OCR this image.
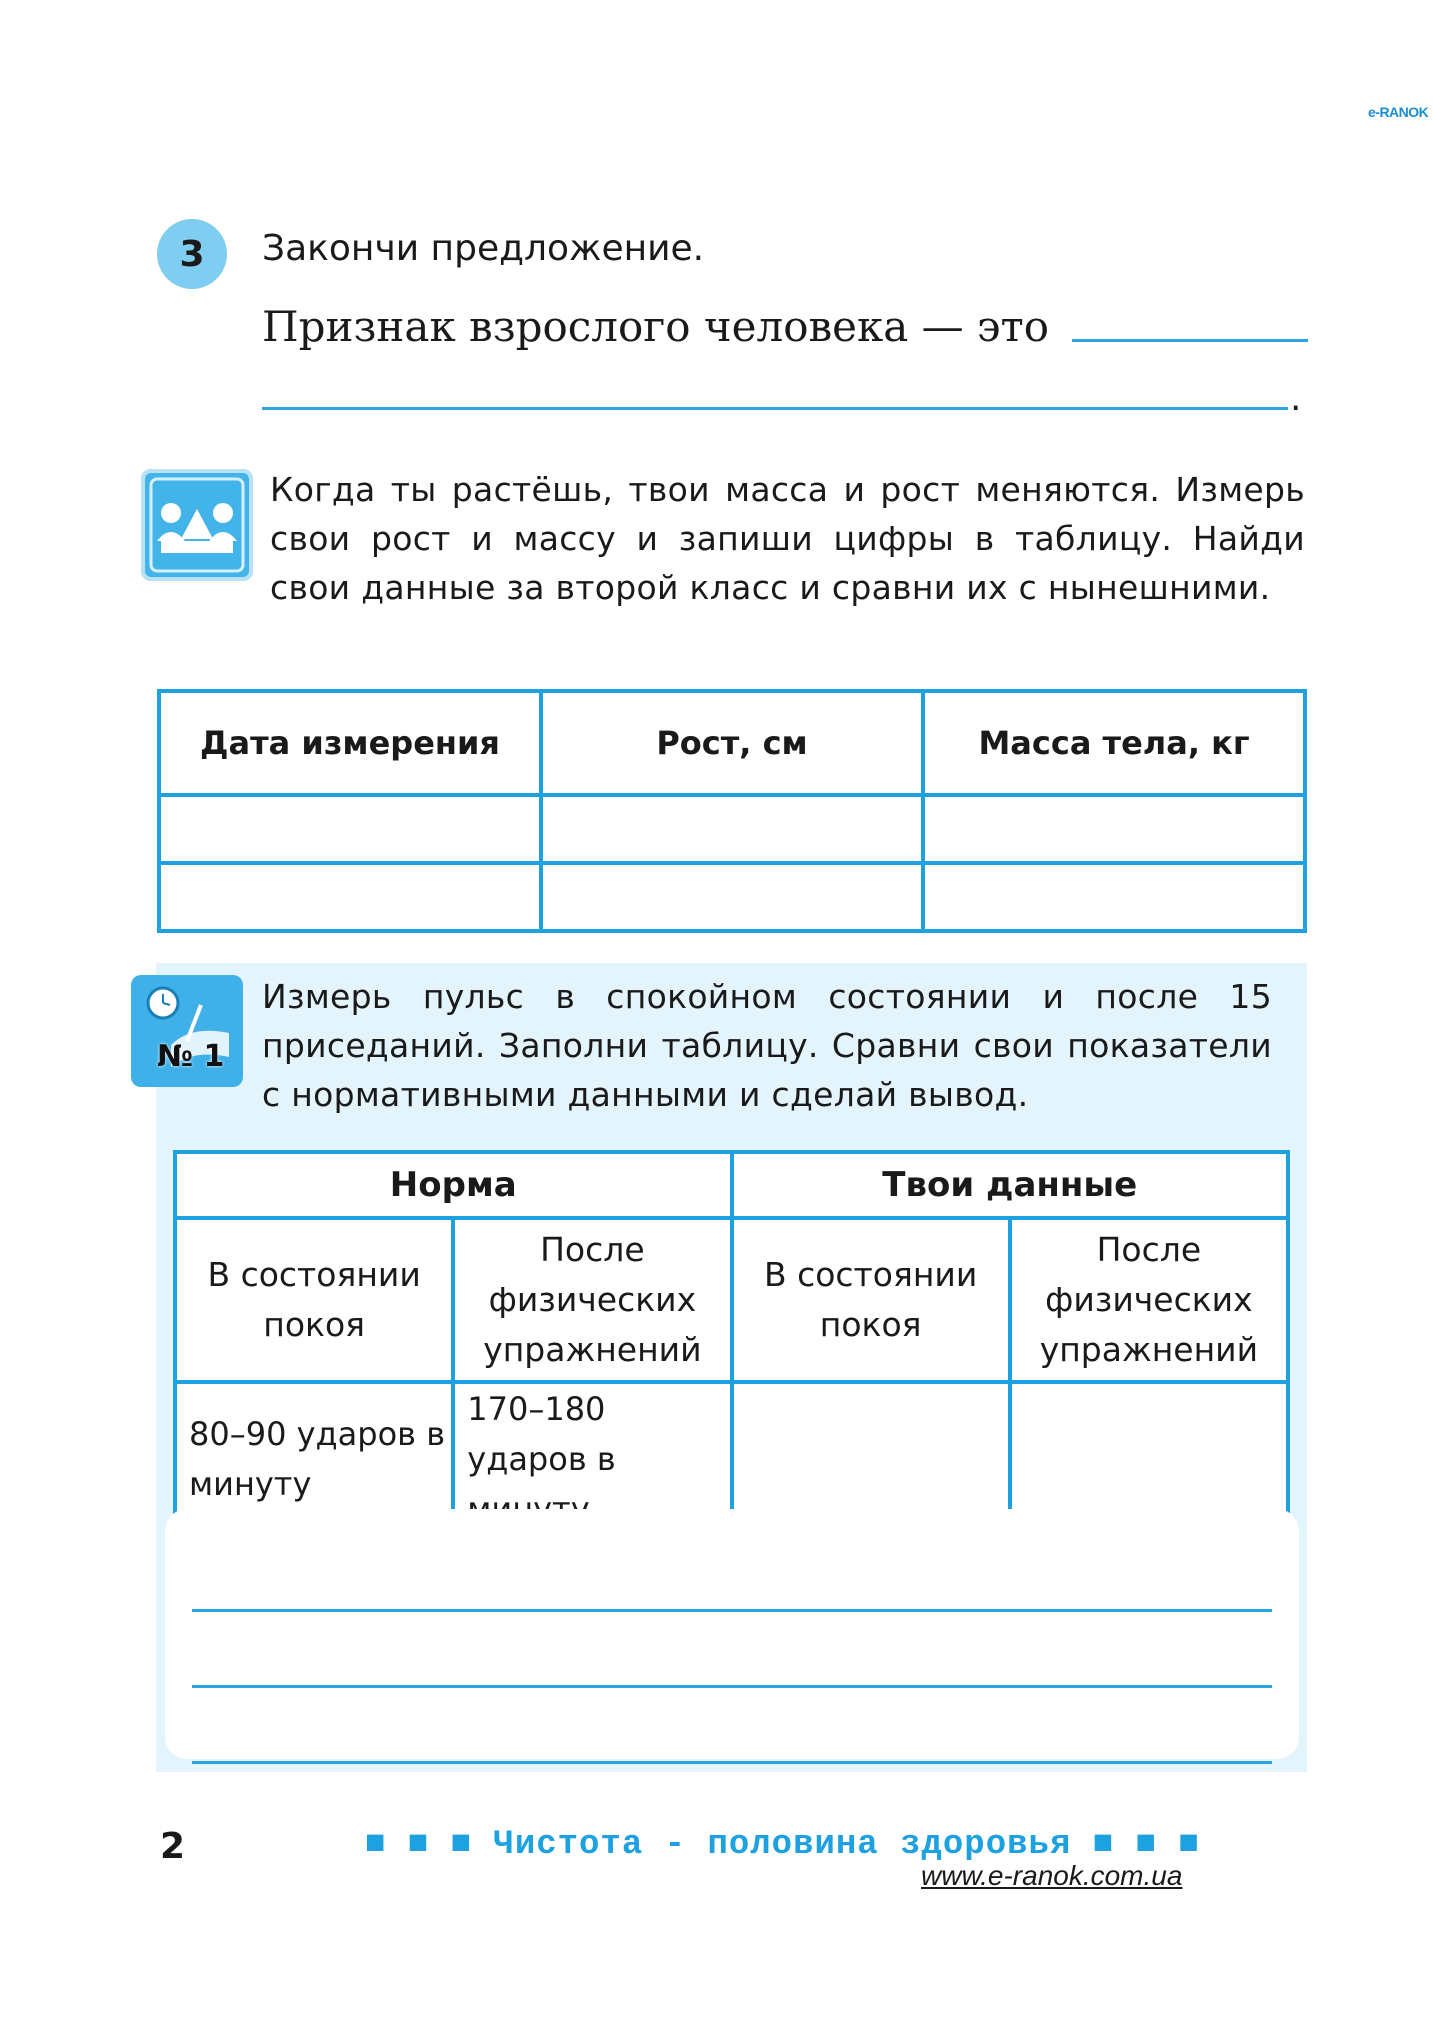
e-RANOK
3	Закончи предложение.
Признак взрослого человека — это
.
Когда ты растёшь, твои масса и рост меняются. Измерь свои рост и массу и запиши цифры в таблицу. Найди свои данные за второй класс и сравни их с нынешними.
Дата измерения	Рост, см	Масса тела, кг

№ 1
Измерь пульс в спокойном состоянии и после 15 приседаний. Заполни таблицу. Сравни свои показатели с нормативными данными и сделай вывод.
Норма		Твои данные	
В состоянии покоя	После физических упражнений	В состоянии покоя	После физических упражнений
80–90 ударов в минуту	170–180 ударов в		
2	■ ■ ■ Чистота - половина здоровья ■ ■ ■
www.e-ranok.com.ua
